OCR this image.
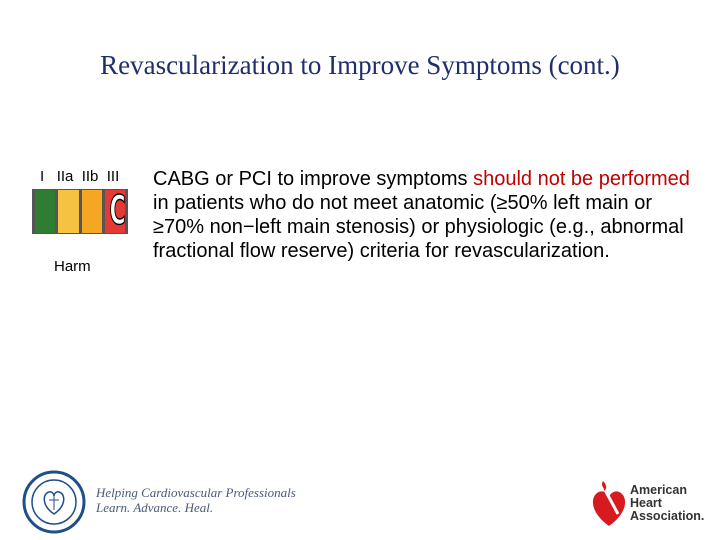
Revascularization to Improve Symptoms (cont.)
I IIa IIb III
C
Harm
CABG or PCI to improve symptoms should not be performed in patients who do not meet anatomic (≥50% left main or ≥70% non−left main stenosis) or physiologic (e.g., abnormal fractional flow reserve) criteria for revascularization.
Helping Cardiovascular Professionals
Learn. Advance. Heal.
American
Heart
Association.
